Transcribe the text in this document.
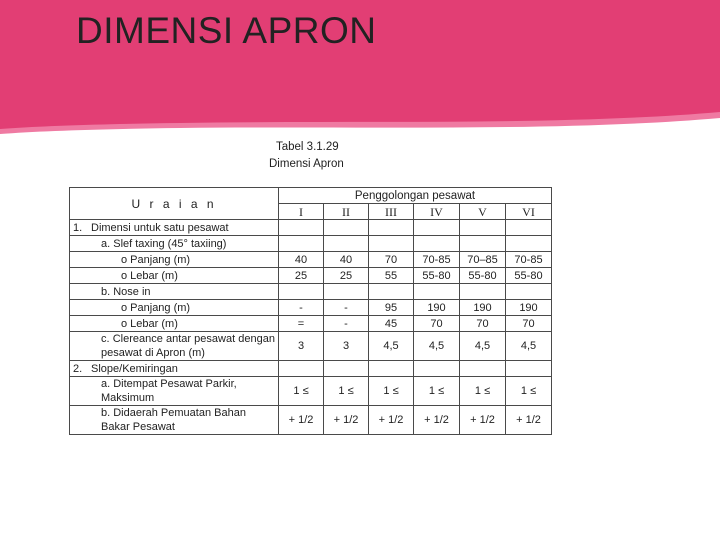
DIMENSI APRON
Tabel 3.1.29
Dimensi Apron
U r a i a n	Penggolongan pesawat					
	I	II	III	IV	V	VI
1. Dimensi untuk satu pesawat						
a. Slef taxing (45° taxiing)						
o Panjang (m)	40	40	70	70-85	70–85	70-85
o Lebar (m)	25	25	55	55-80	55-80	55-80
b. Nose in						
o Panjang (m)	-	-	95	190	190	190
o Lebar (m)	=	-	45	70	70	70

c. Clereance antar pesawat dengan pesawat di Apron (m)	3	3	4,5	4,5	4,5	4,5
2. Slope/Kemiringan						

a. Ditempat Pesawat Parkir, Maksimum	1 ≤	1 ≤	1 ≤	1 ≤	1 ≤	1 ≤

b. Didaerah Pemuatan Bahan Bakar Pesawat	+ 1/2	+ 1/2	+ 1/2	+ 1/2	+ 1/2	+ 1/2
